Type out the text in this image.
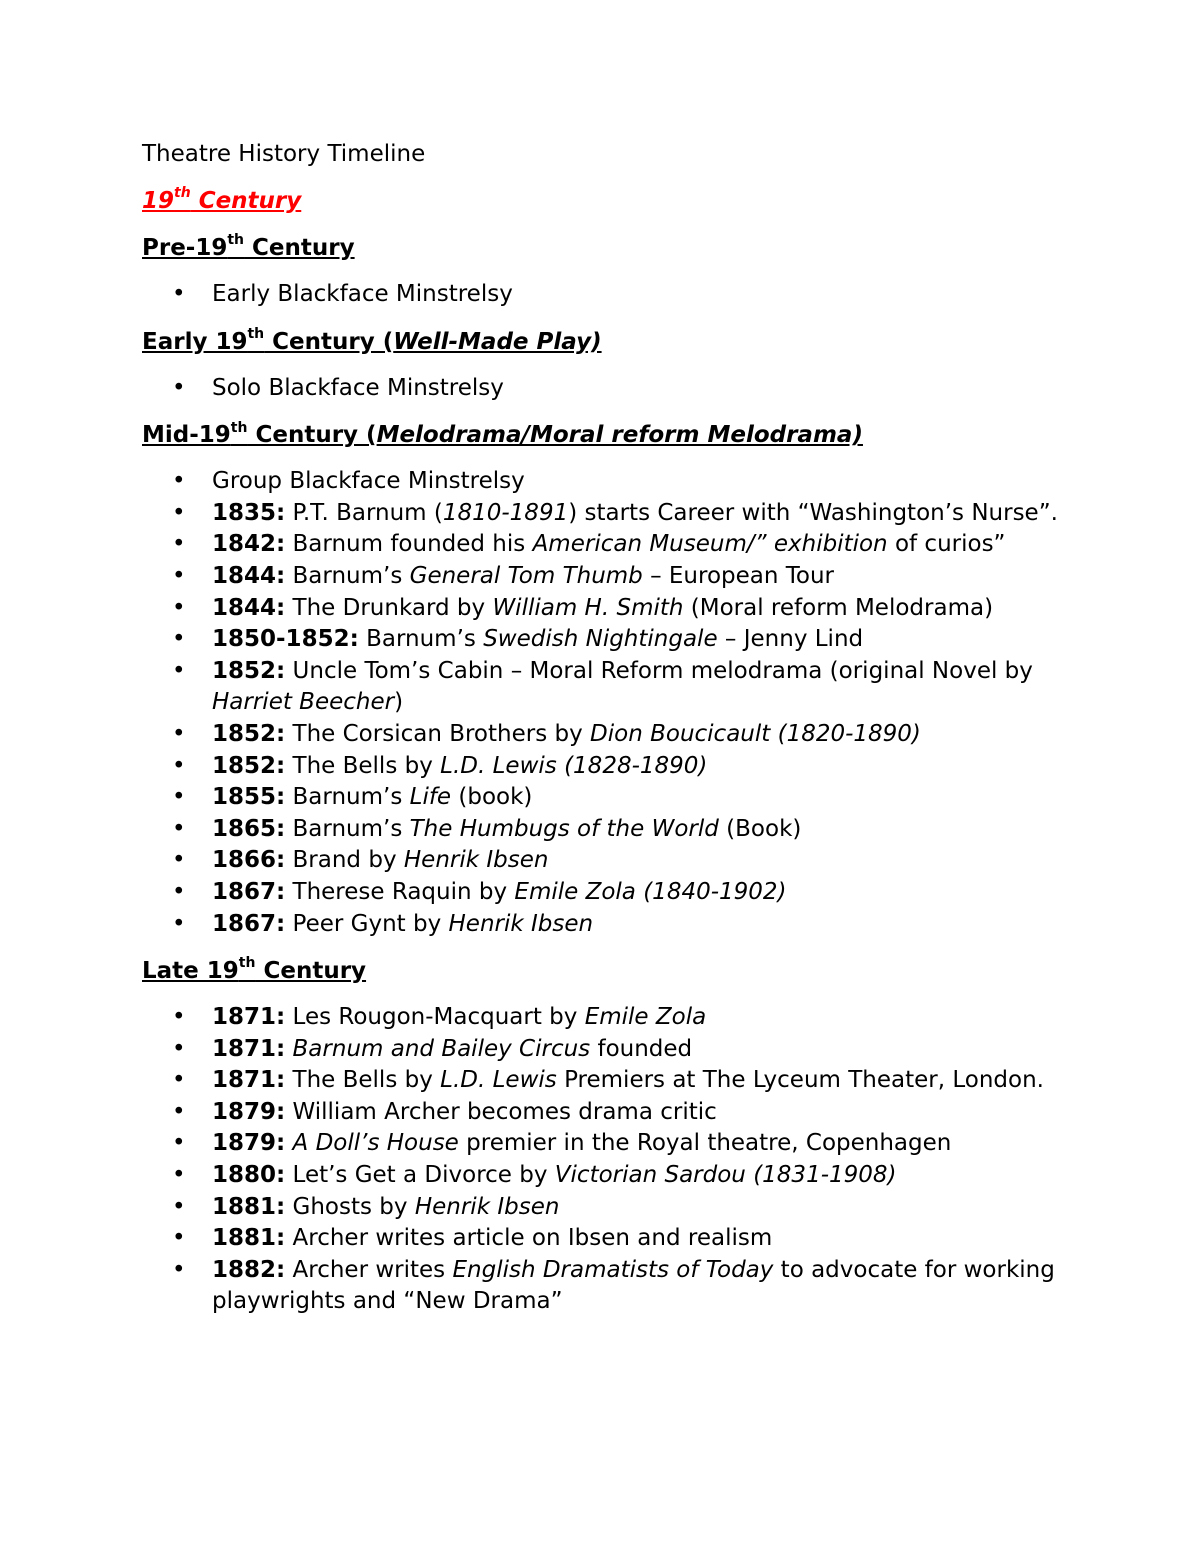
Theatre History Timeline
19th Century
Pre-19th Century
• Early Blackface Minstrelsy
Early 19th Century (Well-Made Play)
• Solo Blackface Minstrelsy
Mid-19th Century (Melodrama/Moral reform Melodrama)
• Group Blackface Minstrelsy
• 1835: P.T. Barnum (1810-1891) starts Career with “Washington’s Nurse”.
• 1842: Barnum founded his American Museum/” exhibition of curios”
• 1844: Barnum’s General Tom Thumb – European Tour
• 1844: The Drunkard by William H. Smith (Moral reform Melodrama)
• 1850-1852: Barnum’s Swedish Nightingale – Jenny Lind
• 1852: Uncle Tom’s Cabin – Moral Reform melodrama (original Novel by Harriet Beecher)
• 1852: The Corsican Brothers by Dion Boucicault (1820-1890)
• 1852: The Bells by L.D. Lewis (1828-1890)
• 1855: Barnum’s Life (book)
• 1865: Barnum’s The Humbugs of the World (Book)
• 1866: Brand by Henrik Ibsen
• 1867: Therese Raquin by Emile Zola (1840-1902)
• 1867: Peer Gynt by Henrik Ibsen
Late 19th Century
• 1871: Les Rougon-Macquart by Emile Zola
• 1871: Barnum and Bailey Circus founded
• 1871: The Bells by L.D. Lewis Premiers at The Lyceum Theater, London.
• 1879: William Archer becomes drama critic
• 1879: A Doll’s House premier in the Royal theatre, Copenhagen
• 1880: Let’s Get a Divorce by Victorian Sardou (1831-1908)
• 1881: Ghosts by Henrik Ibsen
• 1881: Archer writes article on Ibsen and realism
• 1882: Archer writes English Dramatists of Today to advocate for working playwrights and “New Drama”
